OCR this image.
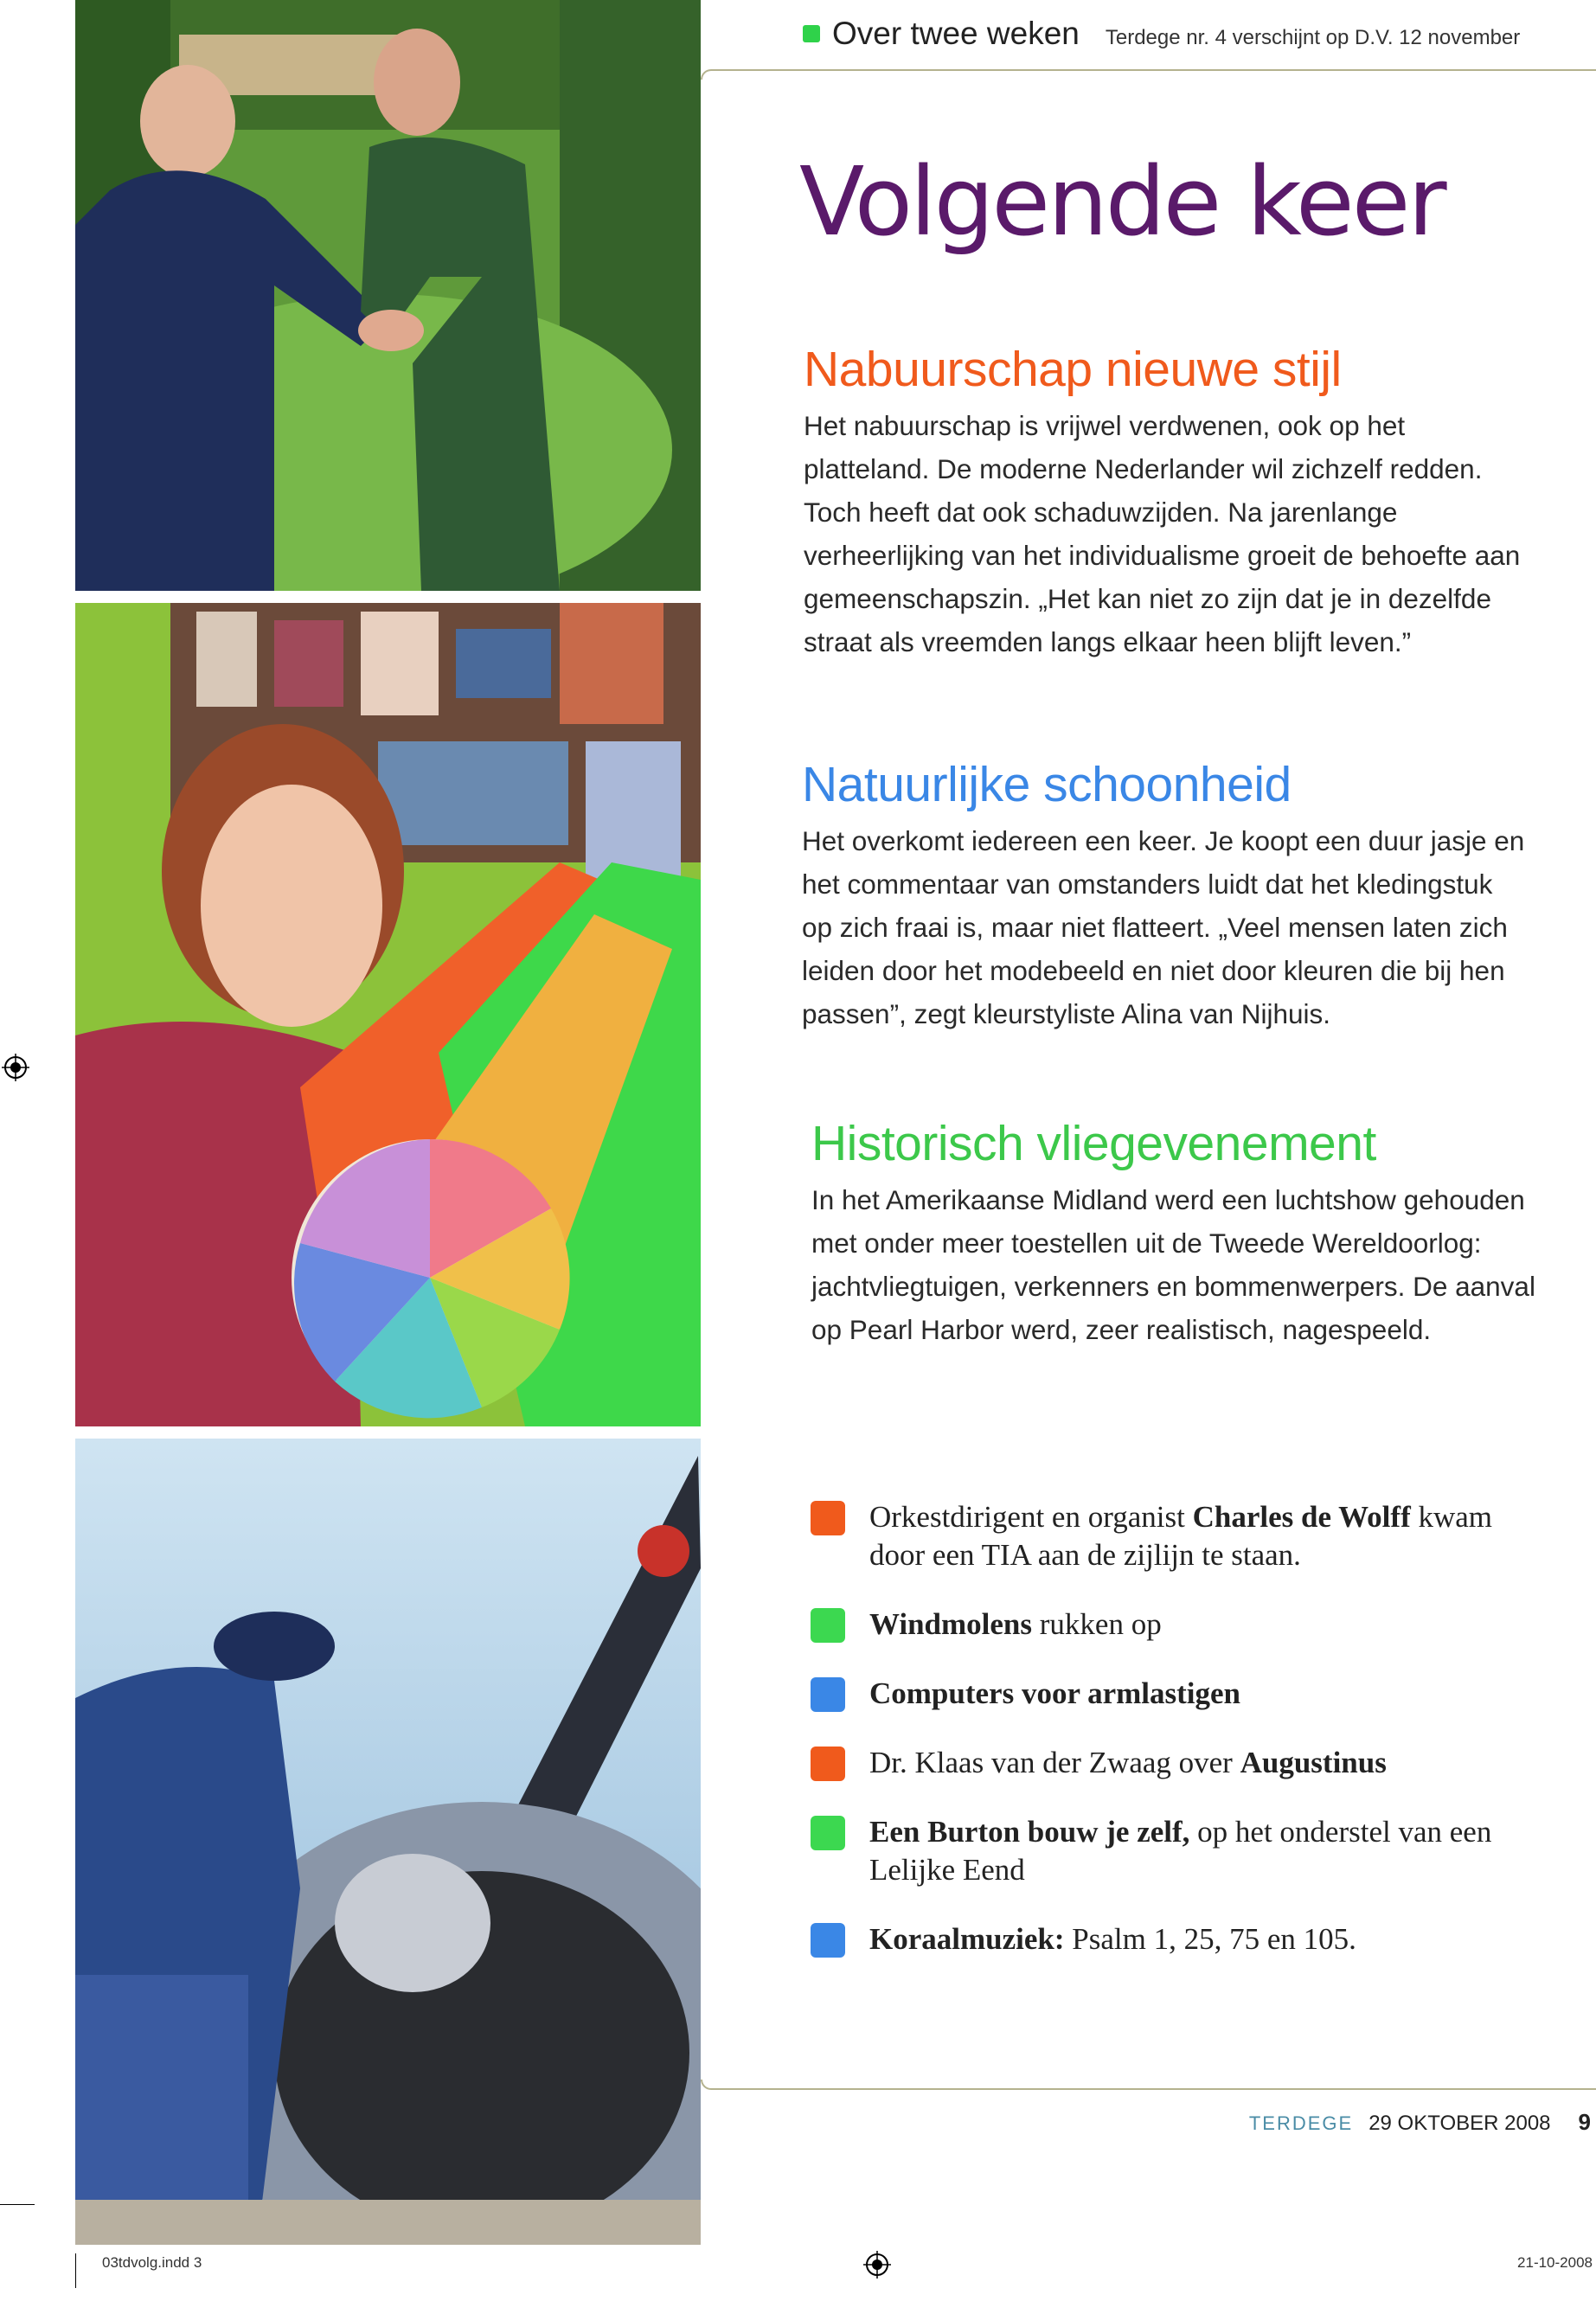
Over twee weken Terdege nr. 4 verschijnt op D.V. 12 november
Volgende keer
Nabuurschap nieuwe stijl

Het nabuurschap is vrijwel verdwenen, ook op het platteland. De moderne Nederlander wil zichzelf redden. Toch heeft dat ook schaduwzijden. Na jarenlange verheerlijking van het individualisme groeit de behoefte aan gemeenschapszin. „Het kan niet zo zijn dat je in dezelfde straat als vreemden langs elkaar heen blijft leven.”

Natuurlijke schoonheid

Het overkomt iedereen een keer. Je koopt een duur jasje en het commentaar van omstanders luidt dat het kledingstuk op zich fraai is, maar niet flatteert. „Veel mensen laten zich leiden door het modebeeld en niet door kleuren die bij hen passen”, zegt kleurstyliste Alina van Nijhuis.

Historisch vliegevenement

In het Amerikaanse Midland werd een luchtshow gehouden met onder meer toestellen uit de Tweede Wereldoorlog: jachtvliegtuigen, verkenners en bommenwerpers. De aanval op Pearl Harbor werd, zeer realistisch, nagespeeld.

Orkestdirigent en organist Charles de Wolff kwam door een TIA aan de zijlijn te staan.
Windmolens rukken op
Computers voor armlastigen
Dr. Klaas van der Zwaag over Augustinus
Een Burton bouw je zelf, op het onderstel van een Lelijke Eend
Koraalmuziek: Psalm 1, 25, 75 en 105.
TERDEGE 29 OKTOBER 2008 9
03tdvolg.indd 3	21-10-2008
